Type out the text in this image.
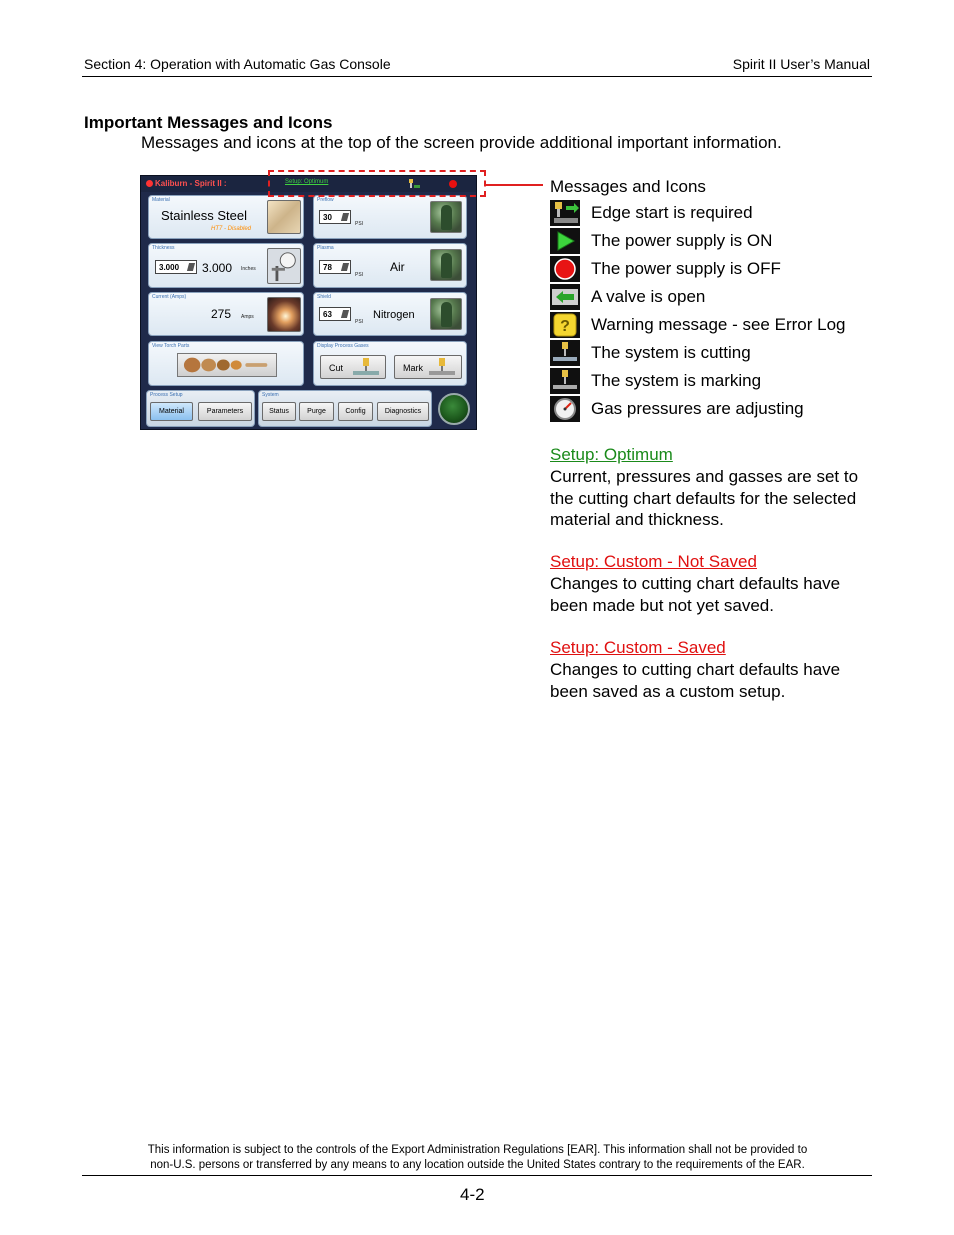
Section 4: Operation with Automatic Gas Console	Spirit II User’s Manual
Important Messages and Icons
Messages and icons at the top of the screen provide additional important information.
Kaliburn - Spirit II :	Setup: Optimum
Material
Stainless Steel
HT7 - Disabled
Preflow
30
PSI
Thickness
3.000	3.000 Inches
Plasma
78
PSI
Air
Current (Amps)
275 Amps
Shield
63
PSI
Nitrogen
View Torch Parts	Display Process Gases
Cut	Mark
Process Setup
Material	Parameters
System
Status	Purge	Config	Diagnostics
Messages and Icons
Edge start is required
The power supply is ON
The power supply is OFF
A valve is open
? Warning message - see Error Log
The system is cutting
The system is marking
Gas pressures are adjusting
Setup: Optimum
Current, pressures and gasses are set to the cutting chart defaults for the selected material and thickness.
Setup: Custom - Not Saved
Changes to cutting chart defaults have been made but not yet saved.
Setup: Custom - Saved
Changes to cutting chart defaults have been saved as a custom setup.
This information is subject to the controls of the Export Administration Regulations [EAR]. This information shall not be provided to
non-U.S. persons or transferred by any means to any location outside the United States contrary to the requirements of the EAR.
4-2
